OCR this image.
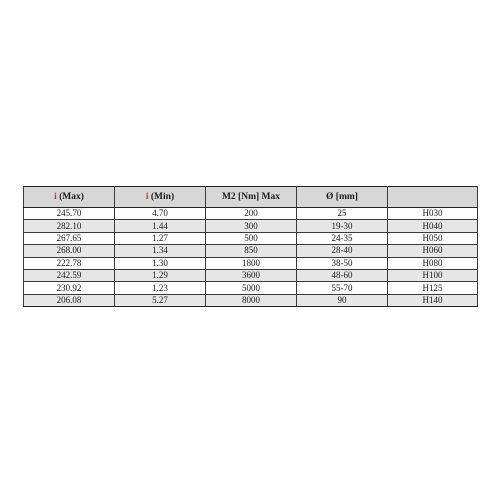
i (Max)	i (Min)	M2 [Nm] Max	Ø [mm]	
245.70	4.70	200	25	H030
282.10	1.44	300	19-30	H040
267.65	1.27	500	24-35	H050
268.00	1.34	850	28-40	H060
222.78	1.30	1800	38-50	H080
242.59	1.29	3600	48-60	H100
230.92	1.23	5000	55-70	H125
206.08	5.27	8000	90	H140
